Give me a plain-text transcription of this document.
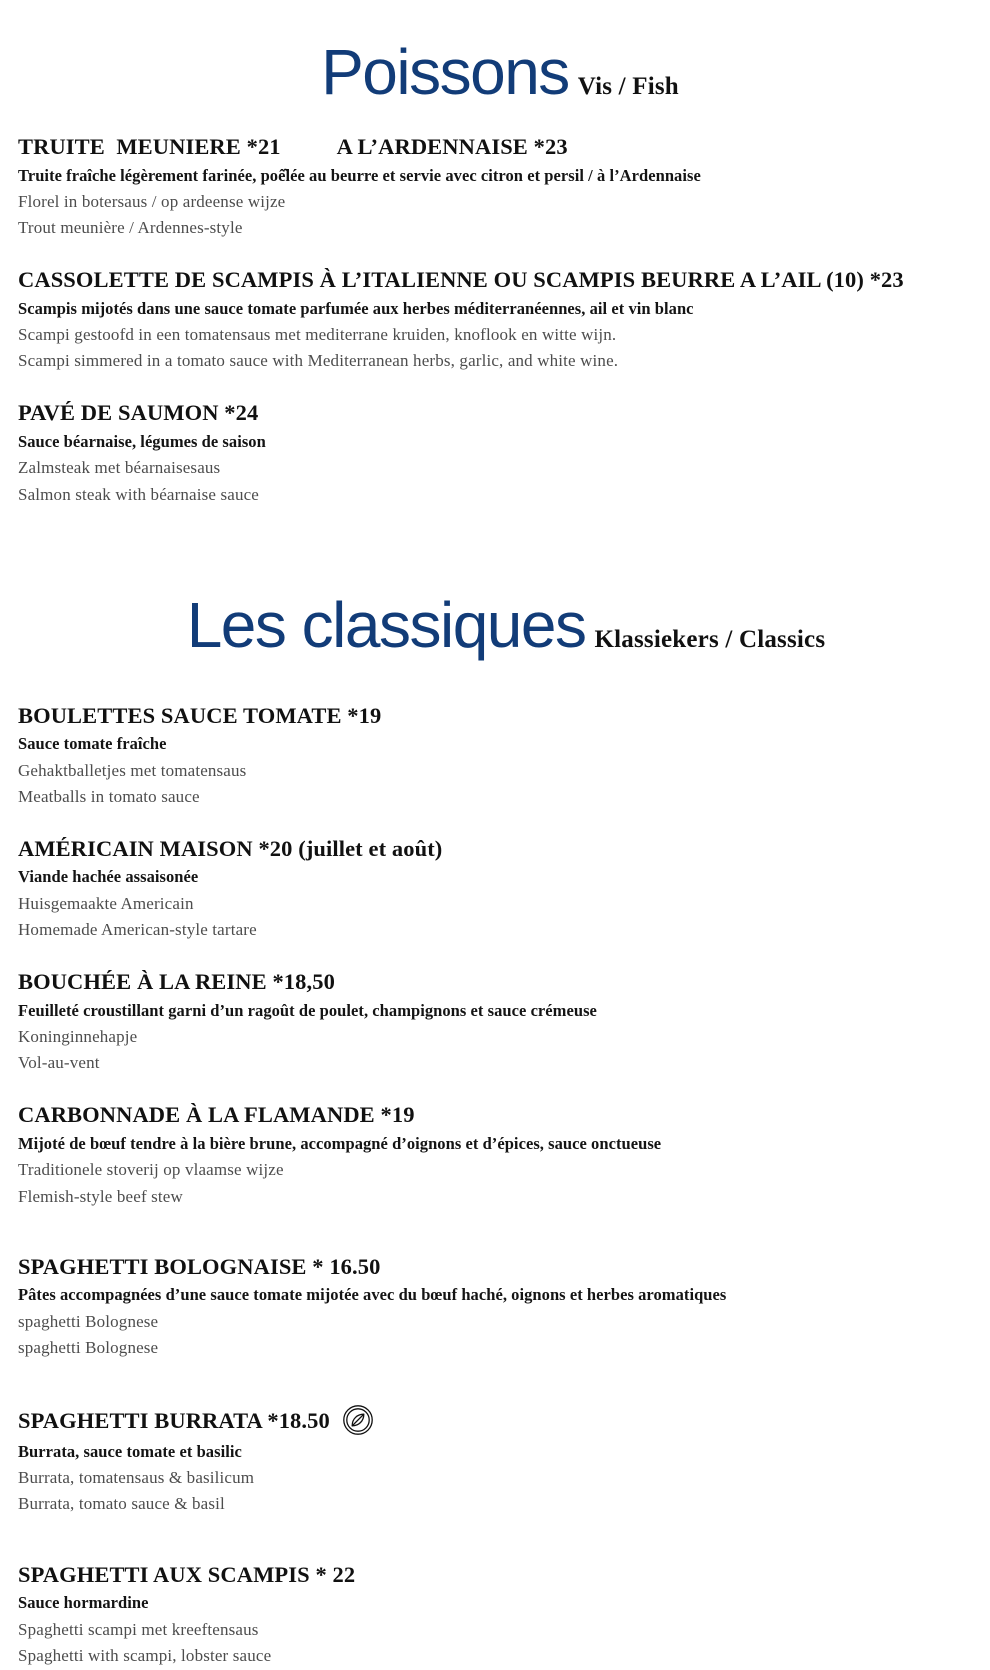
Poissons Vis / Fish
TRUITE  MEUNIERE *21 A L’ARDENNAISE *23

Truite fraîche légèrement farinée, poê̂lée au beurre et servie avec citron et persil / à l’Ardennaise

Florel in botersaus / op ardeense wijze

Trout meunière / Ardennes-style

CASSOLETTE DE SCAMPIS À L’ITALIENNE OU SCAMPIS BEURRE A L’AIL (10) *23

Scampis mijotés dans une sauce tomate parfumée aux herbes méditerranéennes, ail et vin blanc

Scampi gestoofd in een tomatensaus met mediterrane kruiden, knoflook en witte wijn.

Scampi simmered in a tomato sauce with Mediterranean herbs, garlic, and white wine.

PAVÉ DE SAUMON *24

Sauce béarnaise, légumes de saison

Zalmsteak met béarnaisesaus

Salmon steak with béarnaise sauce

Les classiques Klassiekers / Classics
BOULETTES SAUCE TOMATE *19

Sauce tomate fraîche

Gehaktballetjes met tomatensaus

Meatballs in tomato sauce

AMÉRICAIN MAISON *20 (juillet et août)

Viande hachée assaisonée

Huisgemaakte Americain

Homemade American-style tartare

BOUCHÉE À LA REINE *18,50

Feuilleté croustillant garni d’un ragoût de poulet, champignons et sauce crémeuse

Koninginnehapje

Vol-au-vent

CARBONNADE À LA FLAMANDE *19

Mijoté de bœuf tendre à la bière brune, accompagné d’oignons et d’épices, sauce onctueuse

Traditionele stoverij op vlaamse wijze

Flemish-style beef stew

SPAGHETTI BOLOGNAISE * 16.50

Pâtes accompagnées d’une sauce tomate mijotée avec du bœuf haché, oignons et herbes aromatiques

spaghetti Bolognese

spaghetti Bolognese

SPAGHETTI BURRATA *18.50

Burrata, sauce tomate et basilic

Burrata, tomatensaus & basilicum

Burrata, tomato sauce & basil

SPAGHETTI AUX SCAMPIS * 22

Sauce hormardine

Spaghetti scampi met kreeftensaus

Spaghetti with scampi, lobster sauce
